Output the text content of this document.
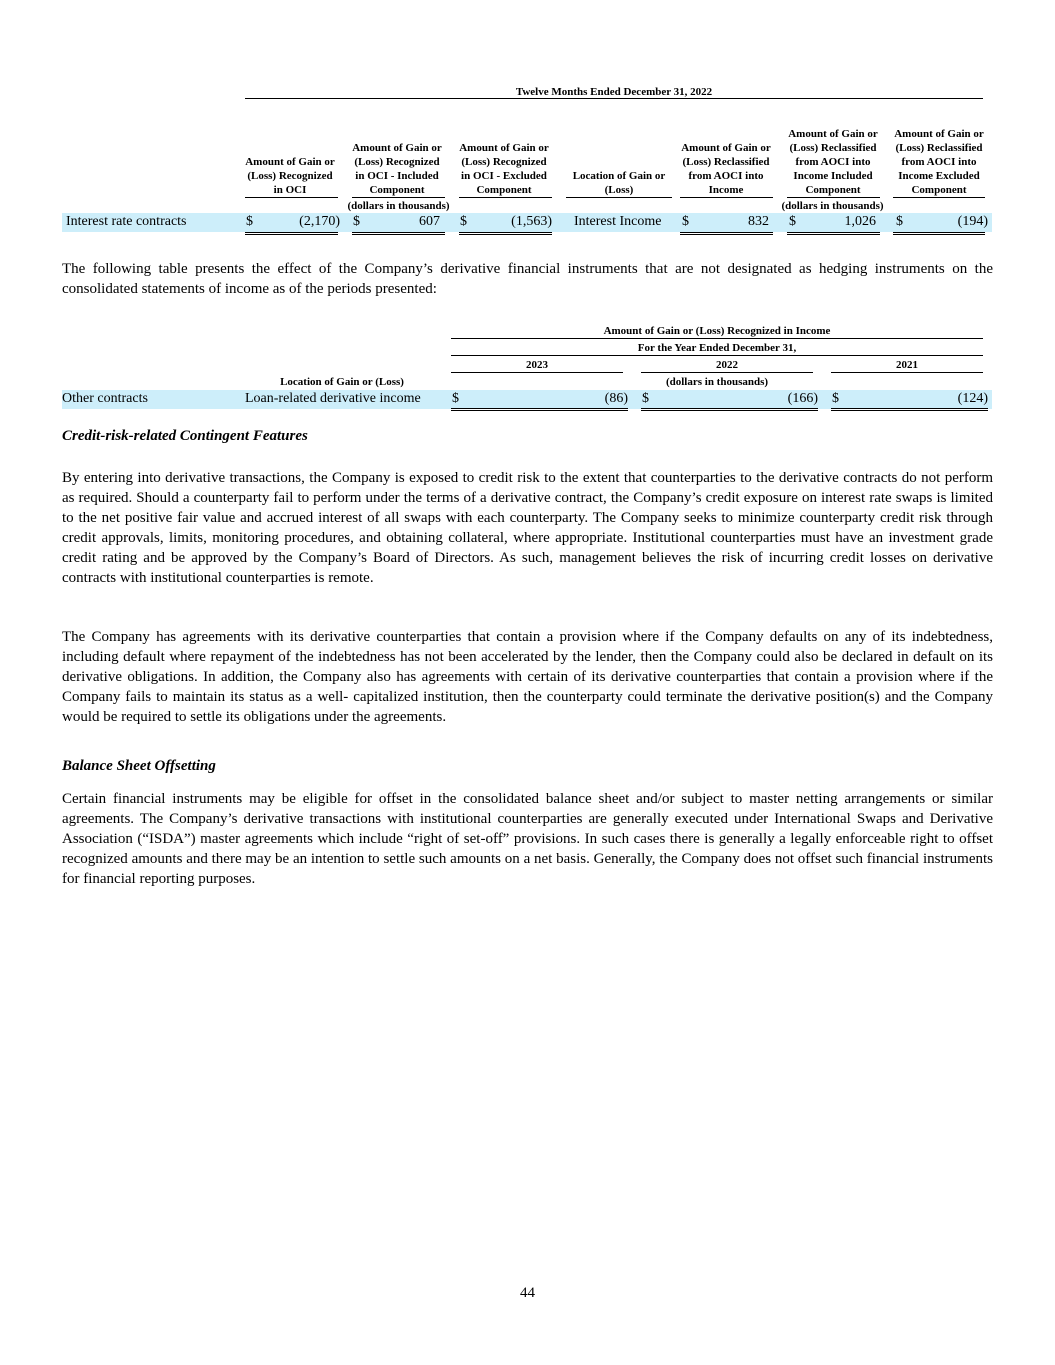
Twelve Months Ended December 31, 2022
Amount of Gain or (Loss) Recognized in OCI
Amount of Gain or (Loss) Recognized in OCI - Included Component
Amount of Gain or (Loss) Recognized in OCI - Excluded Component
Location of Gain or (Loss)
Amount of Gain or (Loss) Reclassified from AOCI into Income
Amount of Gain or (Loss) Reclassified from AOCI into Income Included Component
Amount of Gain or (Loss) Reclassified from AOCI into Income Excluded Component
(dollars in thousands)	(dollars in thousands)
Interest rate contracts	$	(2,170) $	607 $	(1,563) Interest Income $	832 $	1,026 $	(194)
The following table presents the effect of the Company’s derivative financial instruments that are not designated as hedging instruments on the consolidated statements of income as of the periods presented:
Amount of Gain or (Loss) Recognized in Income
For the Year Ended December 31,
2023	2022	2021
Location of Gain or (Loss)	(dollars in thousands)
Other contracts	Loan-related derivative income $	(86) $	(166) $	(124)
Credit-risk-related Contingent Features
By entering into derivative transactions, the Company is exposed to credit risk to the extent that counterparties to the derivative contracts do not perform as required. Should a counterparty fail to perform under the terms of a derivative contract, the Company’s credit exposure on interest rate swaps is limited to the net positive fair value and accrued interest of all swaps with each counterparty. The Company seeks to minimize counterparty credit risk through credit approvals, limits, monitoring procedures, and obtaining collateral, where appropriate. Institutional counterparties must have an investment grade credit rating and be approved by the Company’s Board of Directors. As such, management believes the risk of incurring credit losses on derivative contracts with institutional counterparties is remote.
The Company has agreements with its derivative counterparties that contain a provision where if the Company defaults on any of its indebtedness, including default where repayment of the indebtedness has not been accelerated by the lender, then the Company could also be declared in default on its derivative obligations. In addition, the Company also has agreements with certain of its derivative counterparties that contain a provision where if the Company fails to maintain its status as a well- capitalized institution, then the counterparty could terminate the derivative position(s) and the Company would be required to settle its obligations under the agreements.
Balance Sheet Offsetting
Certain financial instruments may be eligible for offset in the consolidated balance sheet and/or subject to master netting arrangements or similar agreements. The Company’s derivative transactions with institutional counterparties are generally executed under International Swaps and Derivative Association (“ISDA”) master agreements which include “right of set-off” provisions. In such cases there is generally a legally enforceable right to offset recognized amounts and there may be an intention to settle such amounts on a net basis. Generally, the Company does not offset such financial instruments for financial reporting purposes.
44
